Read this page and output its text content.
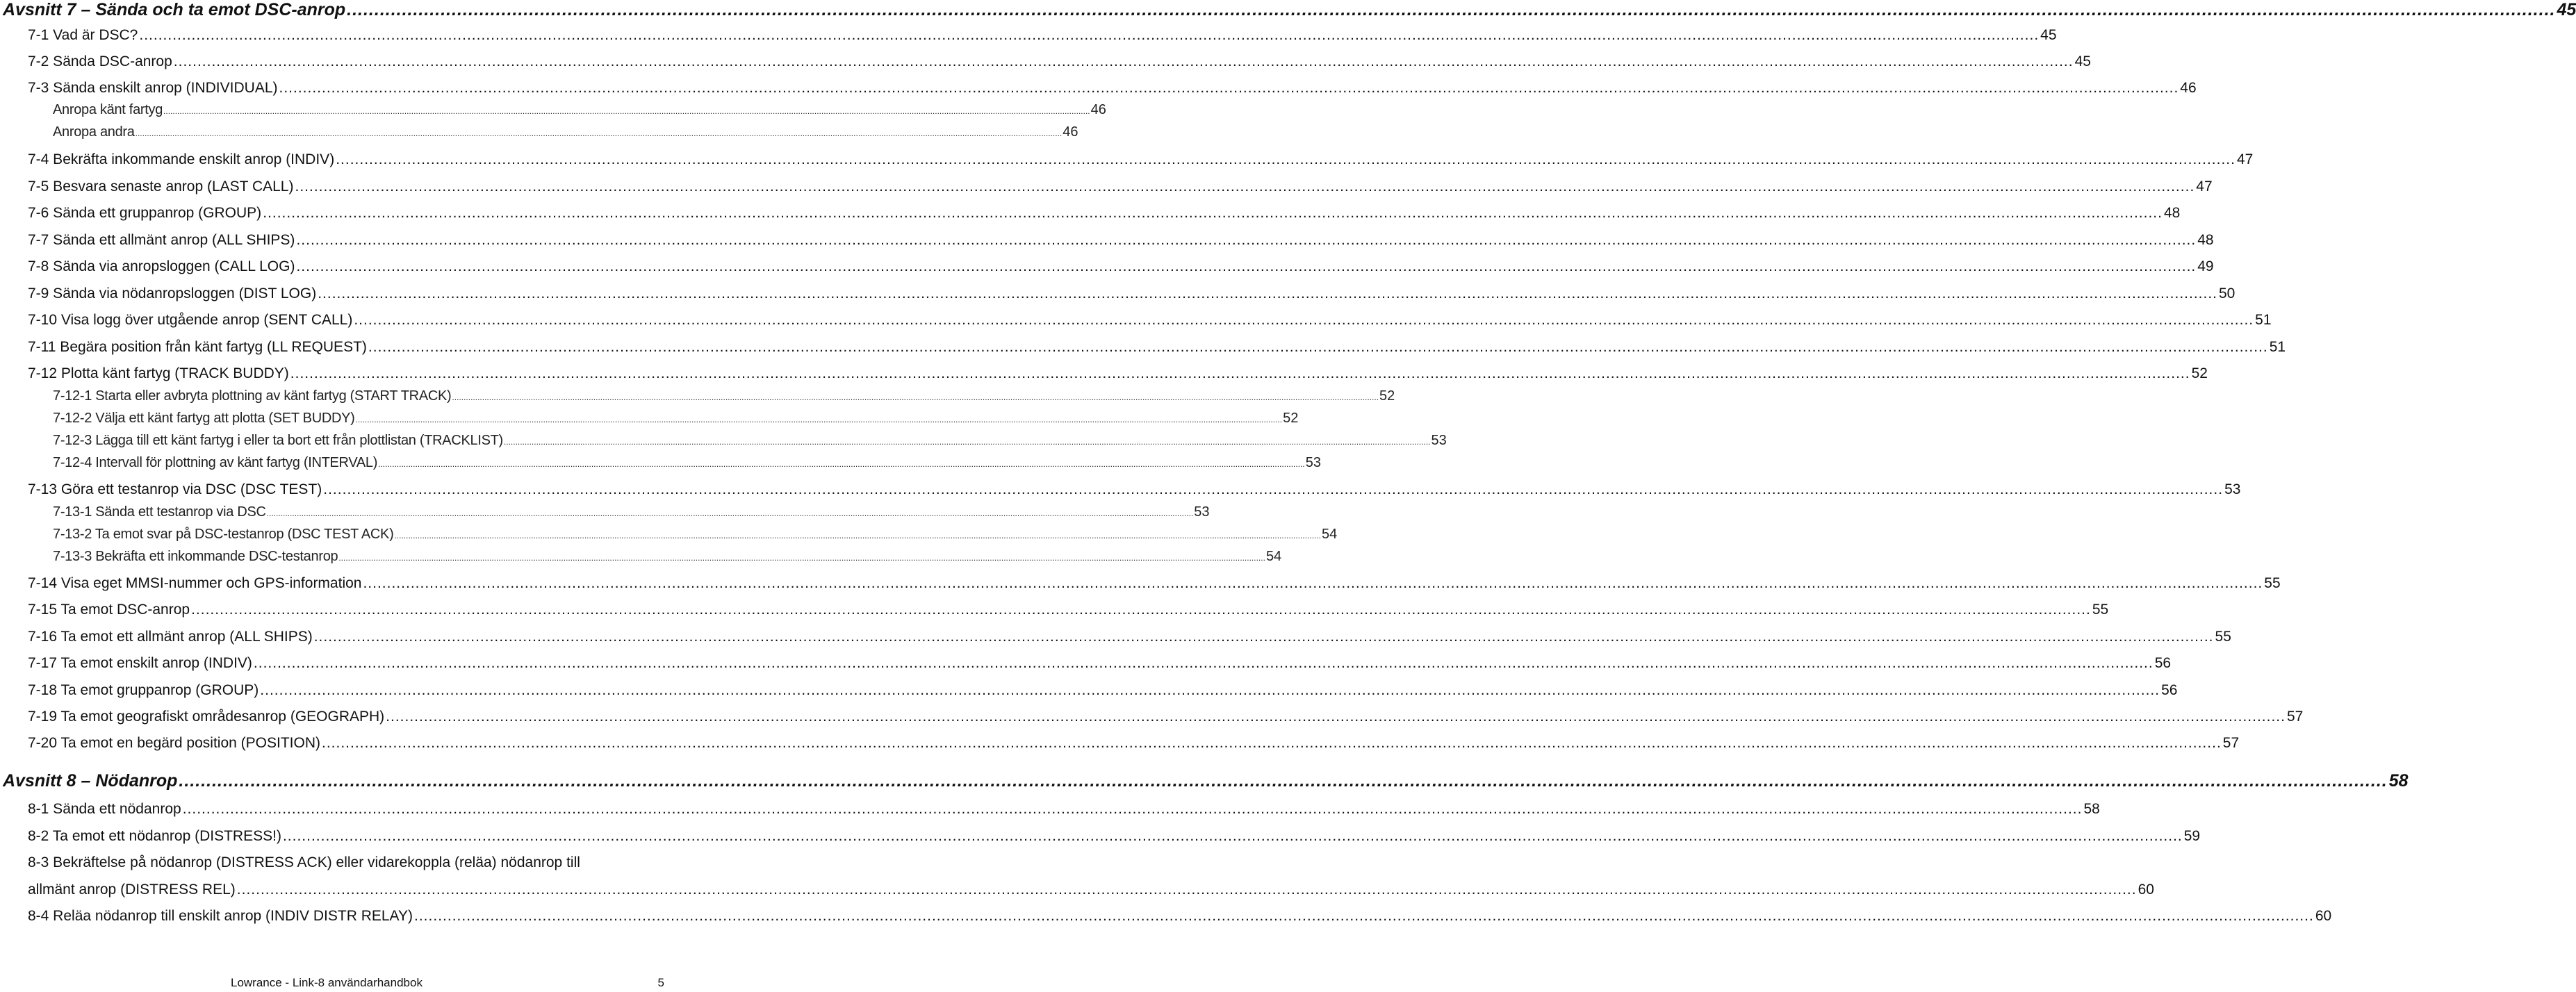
Avsnitt 7 – Sända och ta emot DSC-anrop ................................................................................................................................................................................................................................................................................................................................................................................................................ 45
7-1 Vad är DSC? ................................................................................................................................................................................................................................................................................................................................................................................................................ 45
7-2 Sända DSC-anrop ................................................................................................................................................................................................................................................................................................................................................................................................................ 45
7-3 Sända enskilt anrop (INDIVIDUAL) ................................................................................................................................................................................................................................................................................................................................................................................................................ 46
Anropa känt fartyg ................................................................................................................................................................................................................................................................................................................................................................................................................ 46
Anropa andra ................................................................................................................................................................................................................................................................................................................................................................................................................ 46
7-4 Bekräfta inkommande enskilt anrop (INDIV) ................................................................................................................................................................................................................................................................................................................................................................................................................ 47
7-5 Besvara senaste anrop (LAST CALL) ................................................................................................................................................................................................................................................................................................................................................................................................................ 47
7-6 Sända ett gruppanrop (GROUP) ................................................................................................................................................................................................................................................................................................................................................................................................................ 48
7-7 Sända ett allmänt anrop (ALL SHIPS) ................................................................................................................................................................................................................................................................................................................................................................................................................ 48
7-8 Sända via anropsloggen (CALL LOG) ................................................................................................................................................................................................................................................................................................................................................................................................................ 49
7-9 Sända via nödanropsloggen (DIST LOG) ................................................................................................................................................................................................................................................................................................................................................................................................................ 50
7-10 Visa logg över utgående anrop (SENT CALL) ................................................................................................................................................................................................................................................................................................................................................................................................................ 51
7-11 Begära position från känt fartyg (LL REQUEST) ................................................................................................................................................................................................................................................................................................................................................................................................................ 51
7-12 Plotta känt fartyg (TRACK BUDDY) ................................................................................................................................................................................................................................................................................................................................................................................................................ 52
7-12-1 Starta eller avbryta plottning av känt fartyg (START TRACK) ................................................................................................................................................................................................................................................................................................................................................................................................................ 52
7-12-2 Välja ett känt fartyg att plotta (SET BUDDY) ................................................................................................................................................................................................................................................................................................................................................................................................................ 52
7-12-3 Lägga till ett känt fartyg i eller ta bort ett från plottlistan (TRACKLIST) ................................................................................................................................................................................................................................................................................................................................................................................................................ 53
7-12-4 Intervall för plottning av känt fartyg (INTERVAL) ................................................................................................................................................................................................................................................................................................................................................................................................................ 53
7-13 Göra ett testanrop via DSC (DSC TEST) ................................................................................................................................................................................................................................................................................................................................................................................................................ 53
7-13-1 Sända ett testanrop via DSC ................................................................................................................................................................................................................................................................................................................................................................................................................ 53
7-13-2 Ta emot svar på DSC-testanrop (DSC TEST ACK) ................................................................................................................................................................................................................................................................................................................................................................................................................ 54
7-13-3 Bekräfta ett inkommande DSC-testanrop ................................................................................................................................................................................................................................................................................................................................................................................................................ 54
7-14 Visa eget MMSI-nummer och GPS-information ................................................................................................................................................................................................................................................................................................................................................................................................................ 55
7-15 Ta emot DSC-anrop ................................................................................................................................................................................................................................................................................................................................................................................................................ 55
7-16 Ta emot ett allmänt anrop (ALL SHIPS) ................................................................................................................................................................................................................................................................................................................................................................................................................ 55
7-17 Ta emot enskilt anrop (INDIV) ................................................................................................................................................................................................................................................................................................................................................................................................................ 56
7-18 Ta emot gruppanrop (GROUP) ................................................................................................................................................................................................................................................................................................................................................................................................................ 56
7-19 Ta emot geografiskt områdesanrop (GEOGRAPH) ................................................................................................................................................................................................................................................................................................................................................................................................................ 57
7-20 Ta emot en begärd position (POSITION) ................................................................................................................................................................................................................................................................................................................................................................................................................ 57
Avsnitt 8 – Nödanrop ................................................................................................................................................................................................................................................................................................................................................................................................................ 58
8-1 Sända ett nödanrop ................................................................................................................................................................................................................................................................................................................................................................................................................ 58
8-2 Ta emot ett nödanrop (DISTRESS!) ................................................................................................................................................................................................................................................................................................................................................................................................................ 59
8-3 Bekräftelse på nödanrop (DISTRESS ACK) eller vidarekoppla (reläa) nödanrop till
allmänt anrop (DISTRESS REL) ................................................................................................................................................................................................................................................................................................................................................................................................................ 60
8-4 Reläa nödanrop till enskilt anrop (INDIV DISTR RELAY) ................................................................................................................................................................................................................................................................................................................................................................................................................ 60
Lowrance - Link-8 användarhandbok	5
